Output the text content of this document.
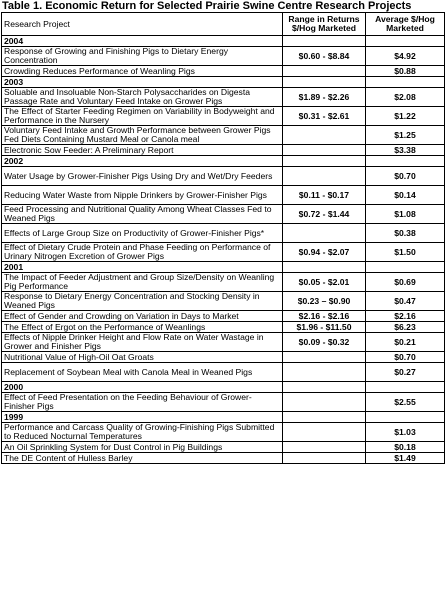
Table 1. Economic Return for Selected Prairie Swine Centre Research Projects
Research Project	Range in Returns $/Hog Marketed	Average $/Hog Marketed
2004		
Response of Growing and Finishing Pigs to Dietary Energy Concentration	$0.60 - $8.84	$4.92
Crowding Reduces Performance of Weanling Pigs		$0.88
2003		
Soluable and Insoluable Non-Starch Polysaccharides on Digesta Passage Rate and Voluntary Feed Intake on Grower Pigs	$1.89 - $2.26	$2.08
The Effect of Starter Feeding Regimen on Variability in Bodyweight and Performance in the Nursery	$0.31 - $2.61	$1.22
Voluntary Feed Intake and Growth Performance between Grower Pigs Fed Diets Containing Mustard Meal or Canola meal		$1.25
Electronic Sow Feeder: A Preliminary Report		$3.38
2002		
Water Usage by Grower-Finisher Pigs Using Dry and Wet/Dry Feeders		$0.70
Reducing Water Waste from Nipple Drinkers by Grower-Finisher Pigs	$0.11 - $0.17	$0.14
Feed Processing and Nutritional Quality Among Wheat Classes Fed to Weaned Pigs	$0.72 - $1.44	$1.08
Effects of Large Group Size on Productivity of Grower-Finisher Pigs*		$0.38
Effect of Dietary Crude Protein and Phase Feeding on Performance of Urinary Nitrogen Excretion of Grower Pigs	$0.94 - $2.07	$1.50
2001		
The Impact of Feeder Adjustment and Group Size/Density on Weanling Pig Performance	$0.05 - $2.01	$0.69
Response to Dietary Energy Concentration and Stocking Density in Weaned Pigs	$0.23 – $0.90	$0.47
Effect of Gender and Crowding on Variation in Days to Market	$2.16 - $2.16	$2.16
The Effect of Ergot on the Performance of Weanlings	$1.96 - $11.50	$6.23
Effects of Nipple Drinker Height and Flow Rate on Water Wastage in Grower and Finisher Pigs	$0.09 - $0.32	$0.21
Nutritional Value of High-Oil Oat Groats		$0.70
Replacement of Soybean Meal with Canola Meal in Weaned Pigs		$0.27
2000		
Effect of Feed Presentation on the Feeding Behaviour of Grower-Finisher Pigs		$2.55
1999		
Performance and Carcass Quality of Growing-Finishing Pigs Submitted to Reduced Nocturnal Temperatures		$1.03
An Oil Sprinkling System for Dust Control in Pig Buildings		$0.18
The DE Content of Hulless Barley		$1.49
